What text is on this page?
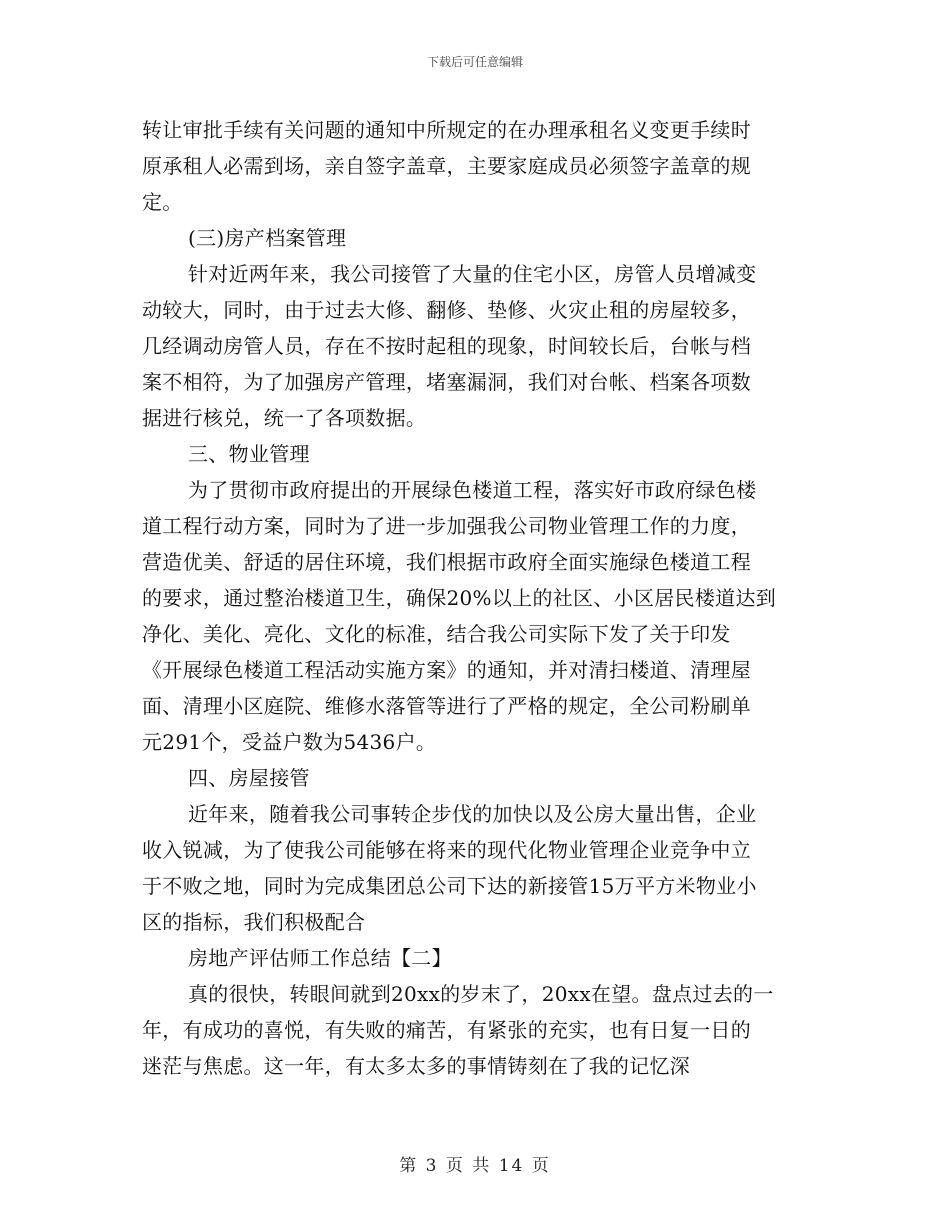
下载后可任意编辑
转让审批手续有关问题的通知中所规定的在办理承租名义变更手续时
原承租人必需到场，亲自签字盖章，主要家庭成员必须签字盖章的规
定。
(三)房产档案管理
针对近两年来，我公司接管了大量的住宅小区，房管人员增减变
动较大，同时，由于过去大修、翻修、垫修、火灾止租的房屋较多，
几经调动房管人员，存在不按时起租的现象，时间较长后，台帐与档
案不相符，为了加强房产管理，堵塞漏洞，我们对台帐、档案各项数
据进行核兑，统一了各项数据。
三、物业管理
为了贯彻市政府提出的开展绿色楼道工程，落实好市政府绿色楼
道工程行动方案，同时为了进一步加强我公司物业管理工作的力度，
营造优美、舒适的居住环境，我们根据市政府全面实施绿色楼道工程
的要求，通过整治楼道卫生，确保20%以上的社区、小区居民楼道达到
净化、美化、亮化、文化的标准，结合我公司实际下发了关于印发
《开展绿色楼道工程活动实施方案》的通知，并对清扫楼道、清理屋
面、清理小区庭院、维修水落管等进行了严格的规定，全公司粉刷单
元291个，受益户数为5436户。
四、房屋接管
近年来，随着我公司事转企步伐的加快以及公房大量出售，企业
收入锐减，为了使我公司能够在将来的现代化物业管理企业竞争中立
于不败之地，同时为完成集团总公司下达的新接管15万平方米物业小
区的指标，我们积极配合
房地产评估师工作总结【二】
真的很快，转眼间就到20xx的岁末了，20xx在望。盘点过去的一
年，有成功的喜悦，有失败的痛苦，有紧张的充实，也有日复一日的
迷茫与焦虑。这一年，有太多太多的事情铸刻在了我的记忆深
第 3 页 共 14 页
